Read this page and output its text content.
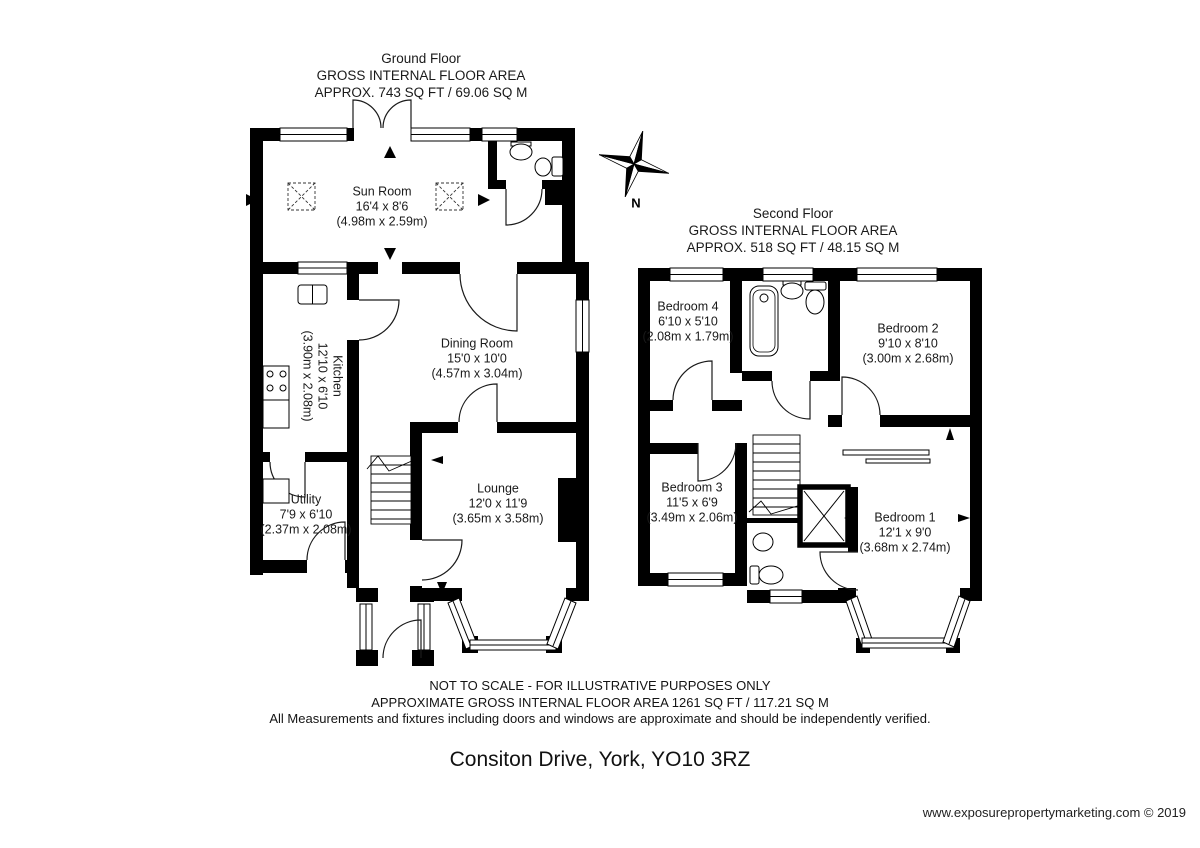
N
Ground Floor
GROSS INTERNAL FLOOR AREA
APPROX. 743 SQ FT / 69.06 SQ M
Second Floor
GROSS INTERNAL FLOOR AREA
APPROX. 518 SQ FT / 48.15 SQ M
Sun Room
16'4 x 8'6
(4.98m x 2.59m)
Dining Room
15'0 x 10'0
(4.57m x 3.04m)
Kitchen
12'10 x 6'10
(3.90m x 2.08m)
Lounge
12'0 x 11'9
(3.65m x 3.58m)
Utility
7'9 x 6'10
(2.37m x 2.08m)
Bedroom 4
6'10 x 5'10
(2.08m x 1.79m)
Bedroom 2
9'10 x 8'10
(3.00m x 2.68m)
Bedroom 3
11'5 x 6'9
(3.49m x 2.06m)	Bedroom 1
12'1 x 9'0
(3.68m x 2.74m)
NOT TO SCALE - FOR ILLUSTRATIVE PURPOSES ONLY
APPROXIMATE GROSS INTERNAL FLOOR AREA 1261 SQ FT / 117.21 SQ M
All Measurements and fixtures including doors and windows are approximate and should be independently verified.
Consiton Drive, York, YO10 3RZ
www.exposurepropertymarketing.com © 2019
